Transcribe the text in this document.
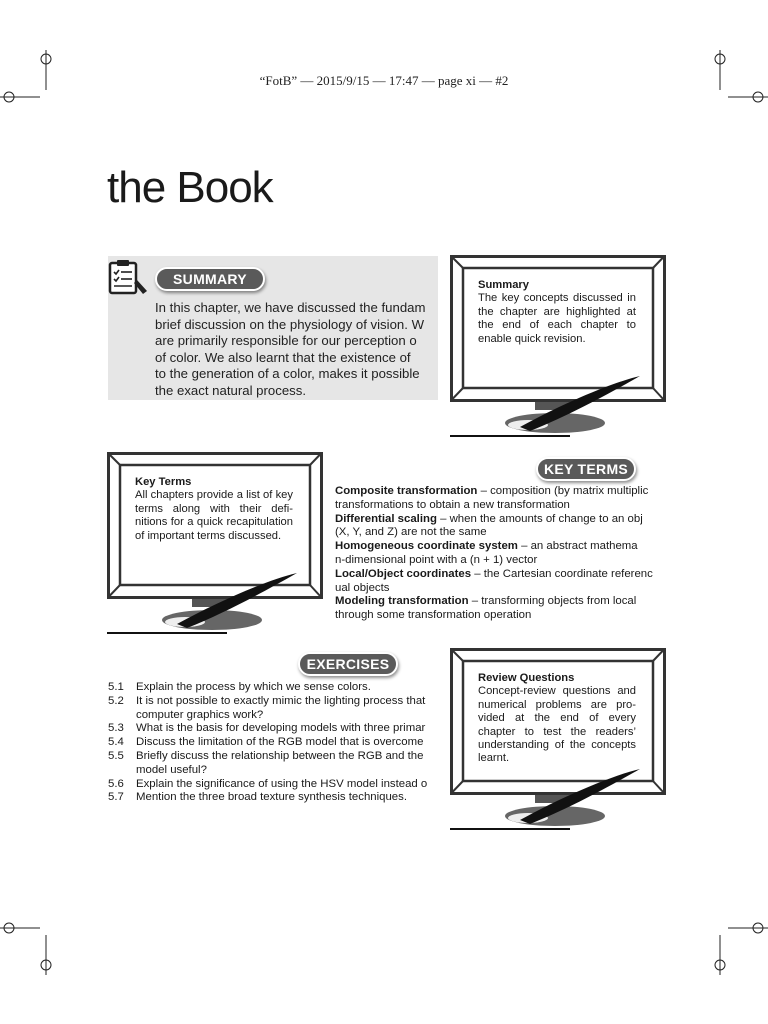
“FotB” — 2015/9/15 — 17:47 — page xi — #2
the Book
SUMMARY
In this chapter, we have discussed the fundam
brief discussion on the physiology of vision. W
are primarily responsible for our perception o
of color. We also learnt that the existence of
to the generation of a color, makes it possible
the exact natural process.
Summary
The key concepts discussed in the chapter are highlighted at the end of each chapter to enable quick revision.
Key Terms
All chapters provide a list of key terms along with their defi-nitions for a quick recapitulation of important terms discussed.
KEY TERMS
Composite transformation – composition (by matrix multiplic
transformations to obtain a new transformation
Differential scaling – when the amounts of change to an obj
(X, Y, and Z) are not the same
Homogeneous coordinate system – an abstract mathema
n-dimensional point with a (n + 1) vector
Local/Object coordinates – the Cartesian coordinate referenc
ual objects
Modeling transformation – transforming objects from local
through some transformation operation
EXERCISES
5.1	Explain the process by which we sense colors.
5.2	It is not possible to exactly mimic the lighting process that
computer graphics work?
5.3	What is the basis for developing models with three primar
5.4	Discuss the limitation of the RGB model that is overcome
5.5	Briefly discuss the relationship between the RGB and the
model useful?
5.6	Explain the significance of using the HSV model instead o
5.7	Mention the three broad texture synthesis techniques.
Review Questions
Concept-review questions and numerical problems are pro-vided at the end of every chapter to test the readers’ understanding of the concepts learnt.
